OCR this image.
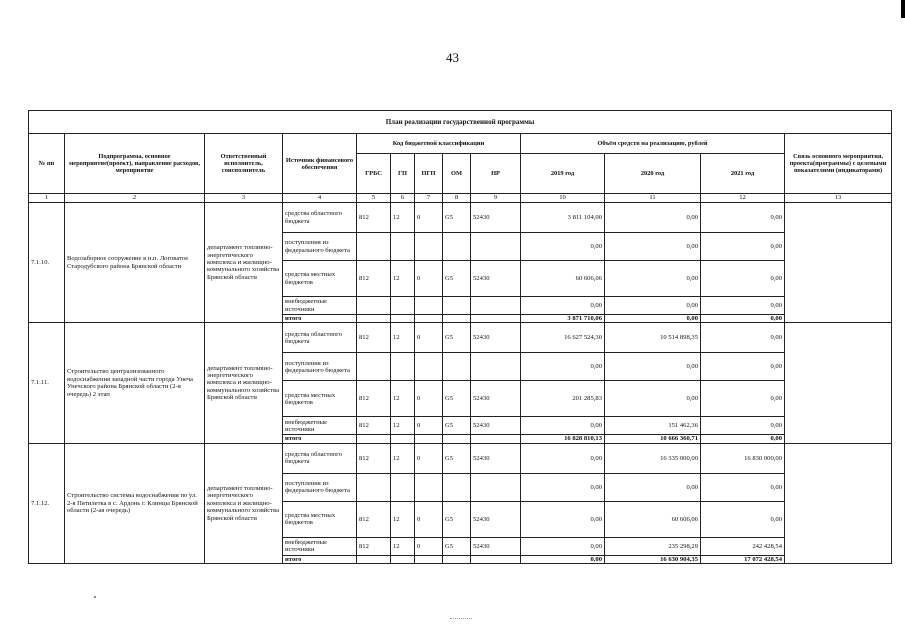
43
План реализации государственной программы												
№ пп	Подпрограмма, основное мероприятие(проект), направление расходов, мероприятие	Ответственный исполнитель, соисполнитель	Источник финансового обеспечения	Код бюджетной классификации					Объём средств на реализацию, рублей			Связь основного мероприятия, проекта(программы) с целевыми показателями (индикаторами)
				ГРБС	ГП	ПГП	ОМ	НР	2019 год	2020 год	2021 год	
1	2	3	4	5	6	7	8	9	10	11	12	13
7.1.10.	Водозаборное сооружение в н.п. Логоватое Стародубского района Брянской области	департамент топливно-энергетического комплекса и жилищно-коммунального хозяйства Брянской области	средства областного бюджета	812	12	0	G5	52430	3 811 104,00	0,00	0,00	
			поступления из федерального бюджета						0,00	0,00	0,00	
			средства местных бюджетов	812	12	0	G5	52430	60 606,06	0,00	0,00	
			внебюджетные источники						0,00	0,00	0,00	
			итого						3 871 710,06	0,00	0,00	
7.1.11.	Строительство централизованного водоснабжения западной части города Унеча Унечского района Брянской области (2-я очередь) 2 этап	департамент топливно-энергетического комплекса и жилищно-коммунального хозяйства Брянской области	средства областного бюджета	812	12	0	G5	52430	16 627 524,30	10 514 898,35	0,00	
			поступления из федерального бюджета						0,00	0,00	0,00	
			средства местных бюджетов	812	12	0	G5	52430	201 285,83	0,00	0,00	
			внебюджетные источники	812	12	0	G5	52430	0,00	151 462,36	0,00	
			итого						16 828 810,13	10 666 360,71	0,00	
7.1.12.	Строительство системы водоснабжения по ул. 2-я Пятилетка в с. Ардонь г. Клинцы Брянской области (2-ая очередь)	департамент топливно-энергетического комплекса и жилищно-коммунального хозяйства Брянской области	средства областного бюджета	812	12	0	G5	52430	0,00	16 335 000,00	16 830 000,00	
			поступления из федерального бюджета						0,00	0,00	0,00	
			средства местных бюджетов	812	12	0	G5	52430	0,00	60 606,06	0,00	
			внебюджетные источники	812	12	0	G5	52430	0,00	235 298,29	242 428,54	
			итого						0,00	16 630 904,35	17 072 428,54	
